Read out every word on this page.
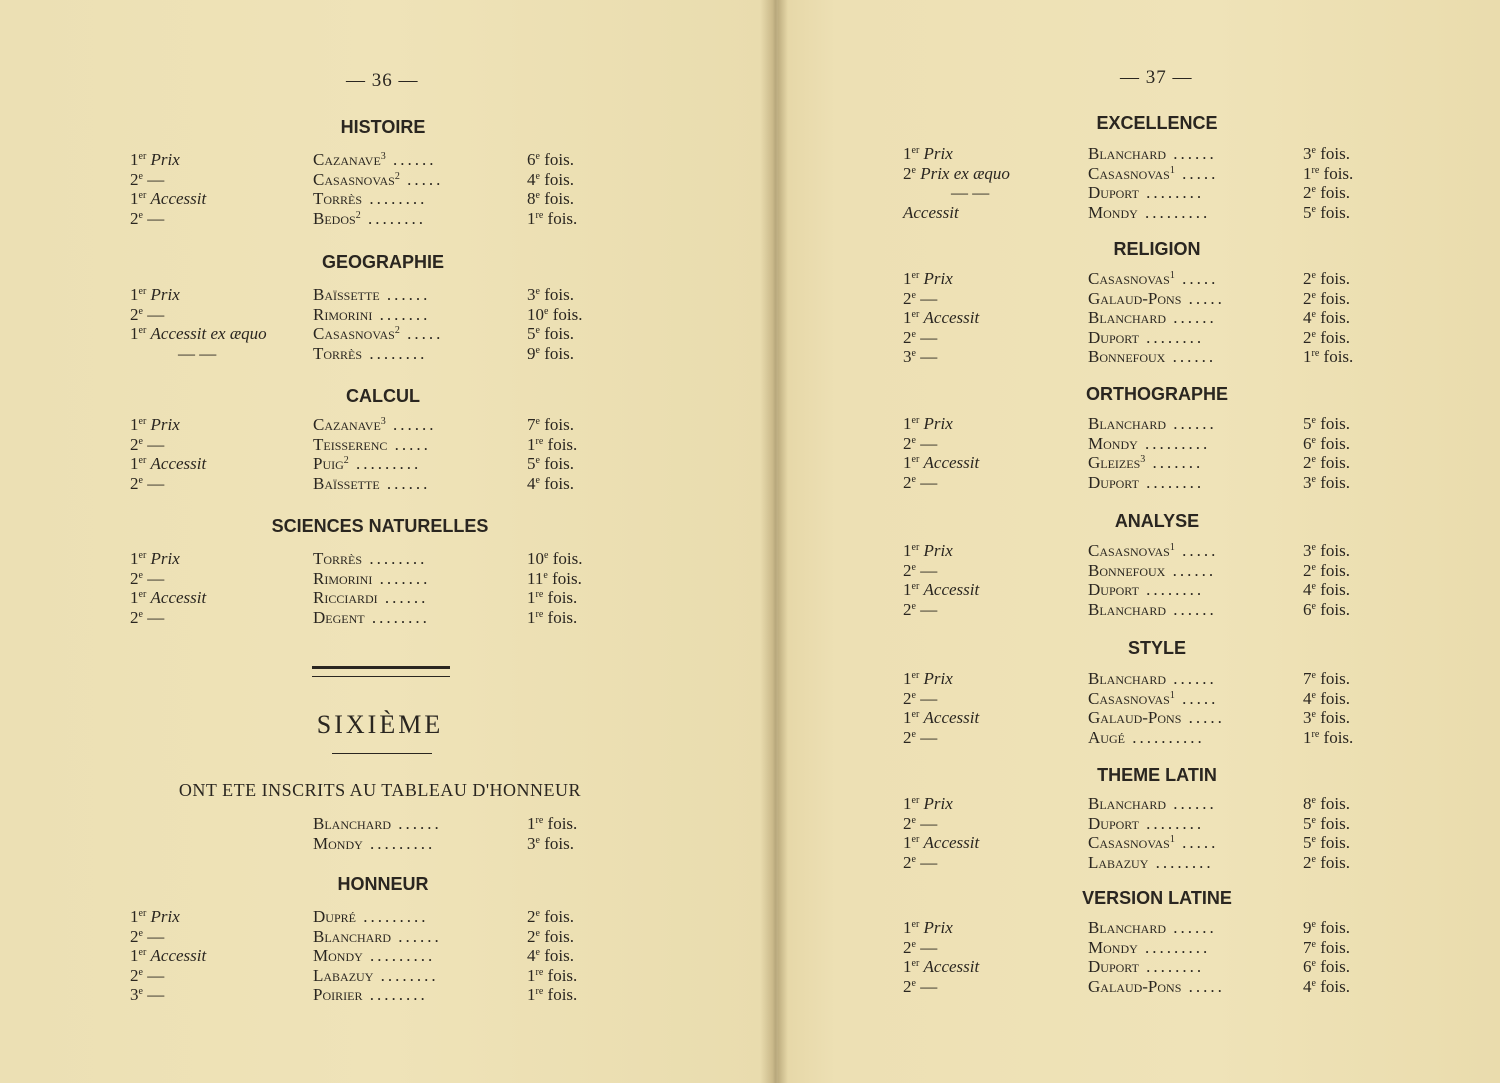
— 36 —	— 37 —
HISTOIRE
1er Prix	Cazanave$^3$ ......	6e fois.
2e —	Casasnovas$^2$ .....	4e fois.
1er Accessit	Torrès ........	8e fois.
2e —	Bedos$^2$ ........	1re fois.
GEOGRAPHIE
1er Prix	Baïssette ......	3e fois.
2e —	Rimorini .......	10e fois.
1er Accessit ex æquo	Casasnovas$^2$ .....	5e fois.
— —	Torrès ........	9e fois.
CALCUL
1er Prix	Cazanave$^3$ ......	7e fois.
2e —	Teisserenc .....	1re fois.
1er Accessit	Puig$^2$ .........	5e fois.
2e —	Baïssette ......	4e fois.
SCIENCES NATURELLES
1er Prix	Torrès ........	10e fois.
2e —	Rimorini .......	11e fois.
1er Accessit	Ricciardi ......	1re fois.
2e —	Degent ........	1re fois.
SIXIÈME
ONT ETE INSCRITS AU TABLEAU D'HONNEUR
Blanchard ......	1re fois.
Mondy .........	3e fois.
HONNEUR
1er Prix	Dupré .........	2e fois.
2e —	Blanchard ......	2e fois.
1er Accessit	Mondy .........	4e fois.
2e —	Labazuy ........	1re fois.
3e —	Poirier ........	1re fois.
EXCELLENCE
1er Prix	Blanchard ......	3e fois.
2e Prix ex æquo	Casasnovas$^1$ .....	1re fois.
— —	Duport ........	2e fois.
Accessit	Mondy .........	5e fois.
RELIGION
1er Prix	Casasnovas$^1$ .....	2e fois.
2e —	Galaud-Pons .....	2e fois.
1er Accessit	Blanchard ......	4e fois.
2e —	Duport ........	2e fois.
3e —	Bonnefoux ......	1re fois.
ORTHOGRAPHE
1er Prix	Blanchard ......	5e fois.
2e —	Mondy .........	6e fois.
1er Accessit	Gleizes$^3$ .......	2e fois.
2e —	Duport ........	3e fois.
ANALYSE
1er Prix	Casasnovas$^1$ .....	3e fois.
2e —	Bonnefoux ......	2e fois.
1er Accessit	Duport ........	4e fois.
2e —	Blanchard ......	6e fois.
STYLE
1er Prix	Blanchard ......	7e fois.
2e —	Casasnovas$^1$ .....	4e fois.
1er Accessit	Galaud-Pons .....	3e fois.
2e —	Augé ..........	1re fois.
THEME LATIN
1er Prix	Blanchard ......	8e fois.
2e —	Duport ........	5e fois.
1er Accessit	Casasnovas$^1$ .....	5e fois.
2e —	Labazuy ........	2e fois.
VERSION LATINE
1er Prix	Blanchard ......	9e fois.
2e —	Mondy .........	7e fois.
1er Accessit	Duport ........	6e fois.
2e —	Galaud-Pons .....	4e fois.
